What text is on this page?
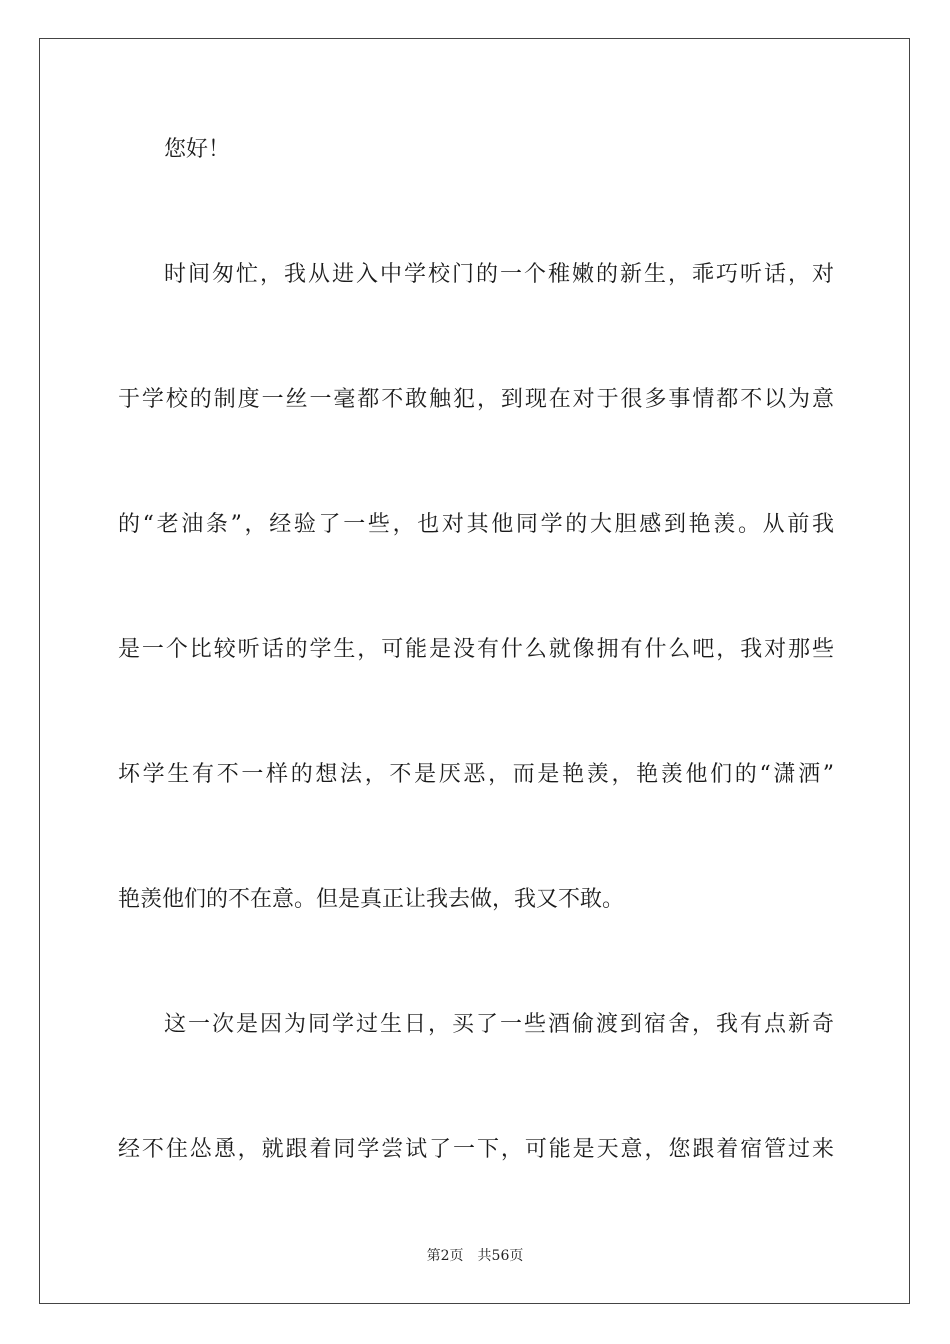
您好！
时间匆忙，我从进入中学校门的一个稚嫩的新生，乖巧听话，对
于学校的制度一丝一毫都不敢触犯，到现在对于很多事情都不以为意
的“老油条”，经验了一些，也对其他同学的大胆感到艳羡。从前我
是一个比较听话的学生，可能是没有什么就像拥有什么吧，我对那些
坏学生有不一样的想法，不是厌恶，而是艳羡，艳羡他们的“潇洒”
艳羡他们的不在意。但是真正让我去做，我又不敢。
这一次是因为同学过生日，买了一些酒偷渡到宿舍，我有点新奇
经不住怂恿，就跟着同学尝试了一下，可能是天意，您跟着宿管过来
第2页 共56页
